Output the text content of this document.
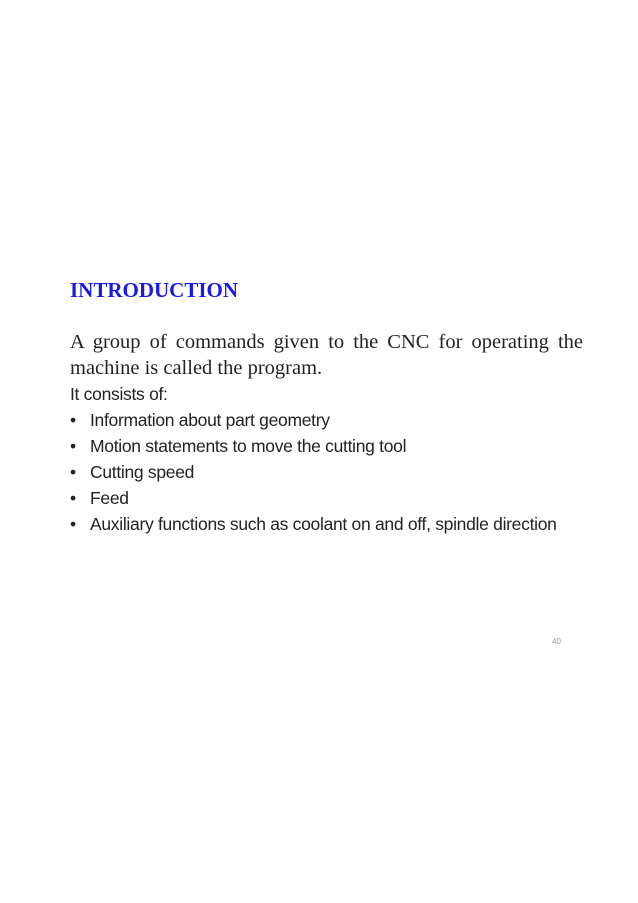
INTRODUCTION

A group of commands given to the CNC for operating the machine is called the program.

It consists of:

• Information about part geometry
• Motion statements to move the cutting tool
• Cutting speed
• Feed
• Auxiliary functions such as coolant on and off, spindle direction
40
